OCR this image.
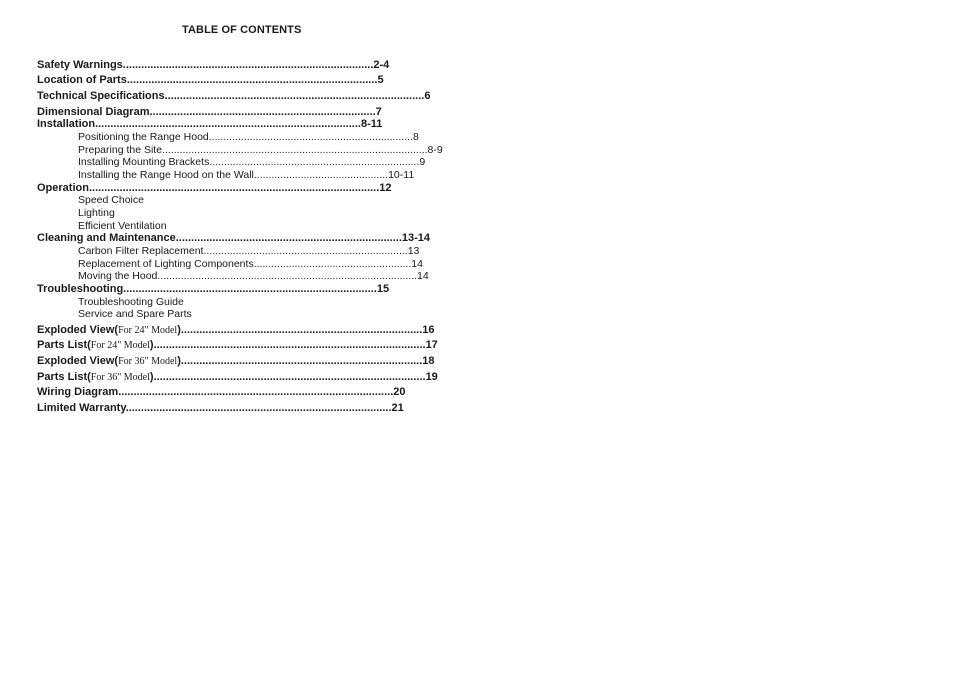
TABLE OF CONTENTS
Safety Warnings..................................................................................2-4
Location of Parts..................................................................................5
Technical Specifications.....................................................................................6
Dimensional Diagram..........................................................................7
Installation.......................................................................................8-11
Positioning the Range Hood......................................................................8
Preparing the Site...........................................................................................8-9
Installing Mounting Brackets........................................................................9
Installing the Range Hood on the Wall..............................................10-11
Operation...............................................................................................12
Speed Choice
Lighting
Efficient Ventilation
Cleaning and Maintenance..........................................................................13-14
Carbon Filter Replacement......................................................................13
Replacement of Lighting Components......................................................14
Moving the Hood.........................................................................................14
Troubleshooting...................................................................................15
Troubleshooting Guide
Service and Spare Parts
Exploded View(For 24" Model)...............................................................................16
Parts List(For 24" Model).........................................................................................17
Exploded View(For 36" Model)...............................................................................18
Parts List(For 36" Model).........................................................................................19
Wiring Diagram..........................................................................................20
Limited Warranty.......................................................................................21
